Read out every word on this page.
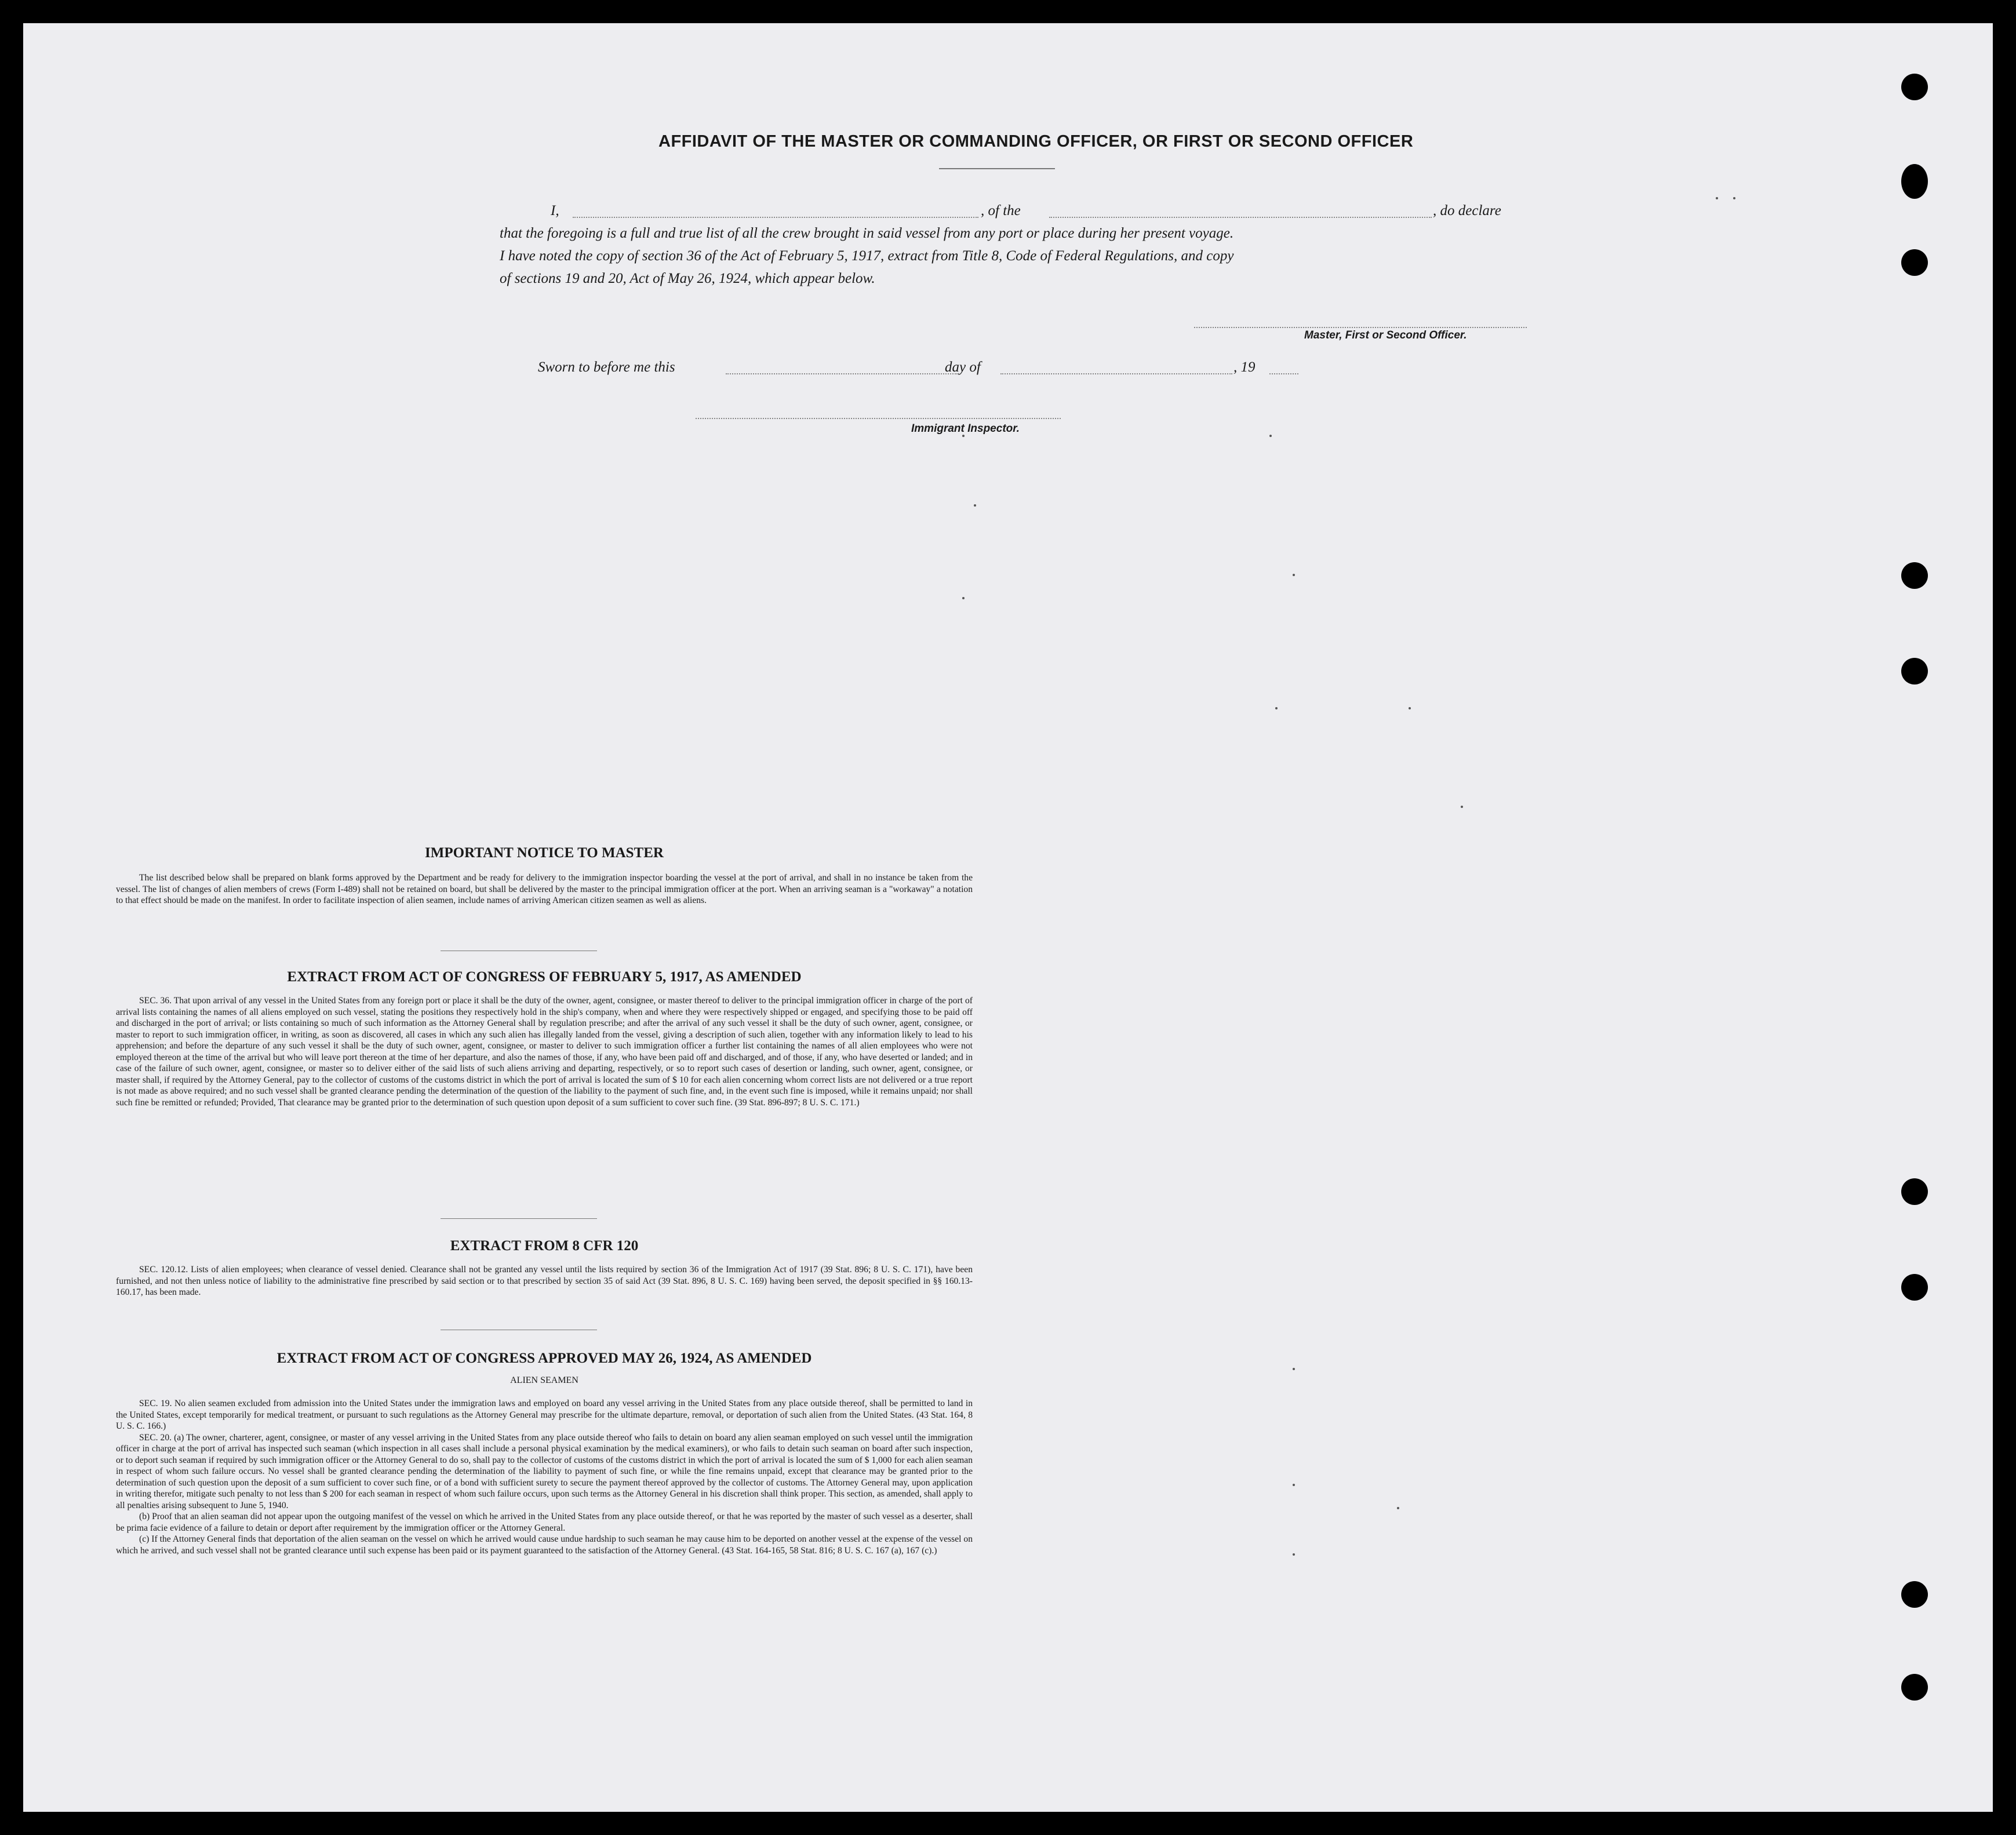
AFFIDAVIT OF THE MASTER OR COMMANDING OFFICER, OR FIRST OR SECOND OFFICER
I,	, of the	, do declare
that the foregoing is a full and true list of all the crew brought in said vessel from any port or place during her present voyage.
I have noted the copy of section 36 of the Act of February 5, 1917, extract from Title 8, Code of Federal Regulations, and copy
of sections 19 and 20, Act of May 26, 1924, which appear below.
Master, First or Second Officer.
Sworn to before me this	day of	, 19
Immigrant Inspector.
IMPORTANT NOTICE TO MASTER

The list described below shall be prepared on blank forms approved by the Department and be ready for delivery to the immigration inspector boarding the vessel at the port of arrival, and shall in no instance be taken from the vessel. The list of changes of alien members of crews (Form I-489) shall not be retained on board, but shall be delivered by the master to the principal immigration officer at the port. When an arriving seaman is a "workaway" a notation to that effect should be made on the manifest. In order to facilitate inspection of alien seamen, include names of arriving American citizen seamen as well as aliens.

EXTRACT FROM ACT OF CONGRESS OF FEBRUARY 5, 1917, AS AMENDED

SEC. 36. That upon arrival of any vessel in the United States from any foreign port or place it shall be the duty of the owner, agent, consignee, or master thereof to deliver to the principal immigration officer in charge of the port of arrival lists containing the names of all aliens employed on such vessel, stating the positions they respectively hold in the ship's company, when and where they were respectively shipped or engaged, and specifying those to be paid off and discharged in the port of arrival; or lists containing so much of such information as the Attorney General shall by regulation prescribe; and after the arrival of any such vessel it shall be the duty of such owner, agent, consignee, or master to report to such immigration officer, in writing, as soon as discovered, all cases in which any such alien has illegally landed from the vessel, giving a description of such alien, together with any information likely to lead to his apprehension; and before the departure of any such vessel it shall be the duty of such owner, agent, consignee, or master to deliver to such immigration officer a further list containing the names of all alien employees who were not employed thereon at the time of the arrival but who will leave port thereon at the time of her departure, and also the names of those, if any, who have been paid off and discharged, and of those, if any, who have deserted or landed; and in case of the failure of such owner, agent, consignee, or master so to deliver either of the said lists of such aliens arriving and departing, respectively, or so to report such cases of desertion or landing, such owner, agent, consignee, or master shall, if required by the Attorney General, pay to the collector of customs of the customs district in which the port of arrival is located the sum of $ 10 for each alien concerning whom correct lists are not delivered or a true report is not made as above required; and no such vessel shall be granted clearance pending the determination of the question of the liability to the payment of such fine, and, in the event such fine is imposed, while it remains unpaid; nor shall such fine be remitted or refunded; Provided, That clearance may be granted prior to the determination of such question upon deposit of a sum sufficient to cover such fine. (39 Stat. 896-897; 8 U. S. C. 171.)

EXTRACT FROM 8 CFR 120

SEC. 120.12. Lists of alien employees; when clearance of vessel denied. Clearance shall not be granted any vessel until the lists required by section 36 of the Immigration Act of 1917 (39 Stat. 896; 8 U. S. C. 171), have been furnished, and not then unless notice of liability to the administrative fine prescribed by said section or to that prescribed by section 35 of said Act (39 Stat. 896, 8 U. S. C. 169) having been served, the deposit specified in §§ 160.13-160.17, has been made.

EXTRACT FROM ACT OF CONGRESS APPROVED MAY 26, 1924, AS AMENDED
ALIEN SEAMEN

SEC. 19. No alien seamen excluded from admission into the United States under the immigration laws and employed on board any vessel arriving in the United States from any place outside thereof, shall be permitted to land in the United States, except temporarily for medical treatment, or pursuant to such regulations as the Attorney General may prescribe for the ultimate departure, removal, or deportation of such alien from the United States. (43 Stat. 164, 8 U. S. C. 166.)

SEC. 20. (a) The owner, charterer, agent, consignee, or master of any vessel arriving in the United States from any place outside thereof who fails to detain on board any alien seaman employed on such vessel until the immigration officer in charge at the port of arrival has inspected such seaman (which inspection in all cases shall include a personal physical examination by the medical examiners), or who fails to detain such seaman on board after such inspection, or to deport such seaman if required by such immigration officer or the Attorney General to do so, shall pay to the collector of customs of the customs district in which the port of arrival is located the sum of $ 1,000 for each alien seaman in respect of whom such failure occurs. No vessel shall be granted clearance pending the determination of the liability to payment of such fine, or while the fine remains unpaid, except that clearance may be granted prior to the determination of such question upon the deposit of a sum sufficient to cover such fine, or of a bond with sufficient surety to secure the payment thereof approved by the collector of customs. The Attorney General may, upon application in writing therefor, mitigate such penalty to not less than $ 200 for each seaman in respect of whom such failure occurs, upon such terms as the Attorney General in his discretion shall think proper. This section, as amended, shall apply to all penalties arising subsequent to June 5, 1940.

(b) Proof that an alien seaman did not appear upon the outgoing manifest of the vessel on which he arrived in the United States from any place outside thereof, or that he was reported by the master of such vessel as a deserter, shall be prima facie evidence of a failure to detain or deport after requirement by the immigration officer or the Attorney General.

(c) If the Attorney General finds that deportation of the alien seaman on the vessel on which he arrived would cause undue hardship to such seaman he may cause him to be deported on another vessel at the expense of the vessel on which he arrived, and such vessel shall not be granted clearance until such expense has been paid or its payment guaranteed to the satisfaction of the Attorney General. (43 Stat. 164-165, 58 Stat. 816; 8 U. S. C. 167 (a), 167 (c).)
